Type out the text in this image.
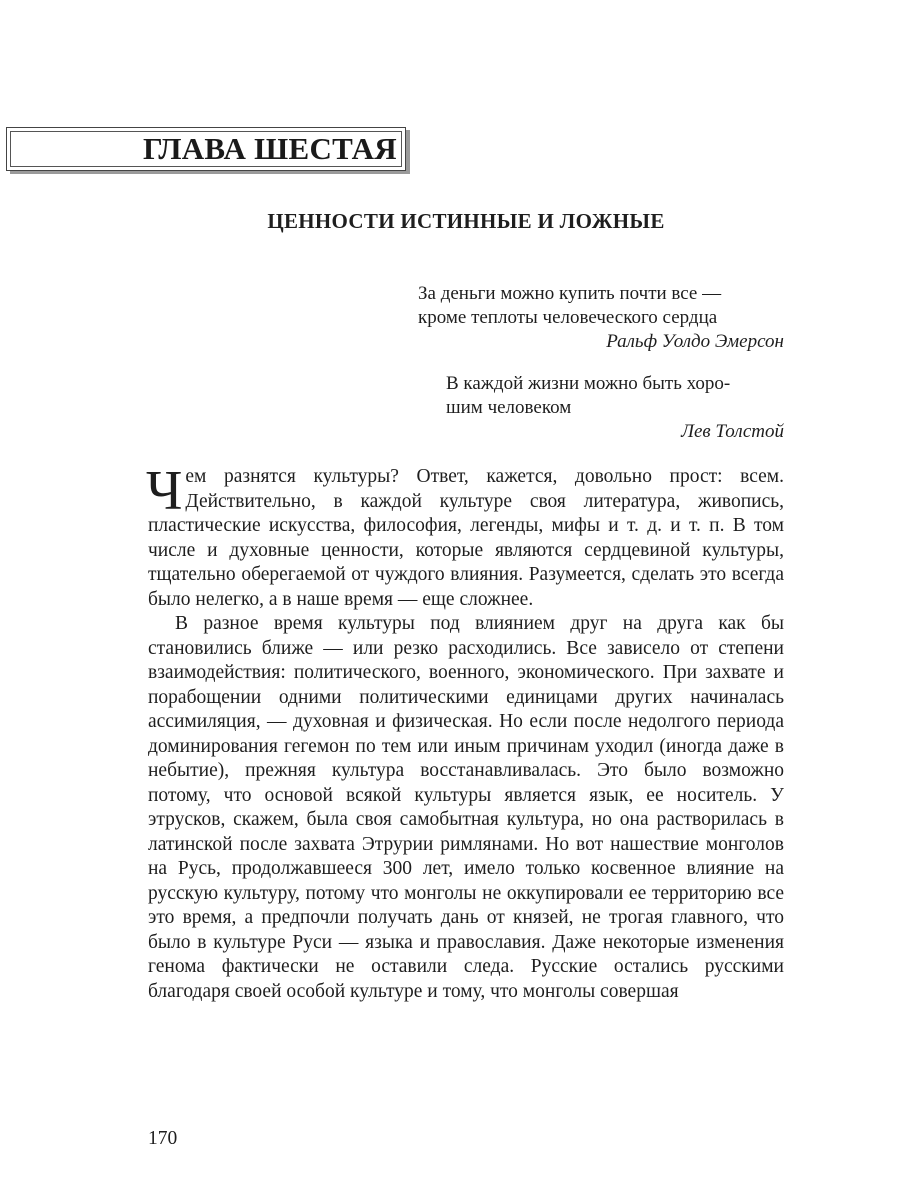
ГЛАВА ШЕСТАЯ
ЦЕННОСТИ ИСТИННЫЕ И ЛОЖНЫЕ
За деньги можно купить почти все —
кроме теплоты человеческого сердца
Ральф Уолдо Эмерсон
В каждой жизни можно быть хоро-
шим человеком
Лев Толстой

Чем разнятся культуры? Ответ, кажется, довольно прост: всем. Действительно, в каждой культуре своя литература, живопись, пластические искусства, философия, легенды, мифы и т. д. и т. п. В том числе и духовные ценности, которые являются сердцевиной культуры, тщательно оберегаемой от чуждого влияния. Разумеется, сделать это всегда было нелегко, а в наше время — еще сложнее.

В разное время культуры под влиянием друг на друга как бы становились ближе — или резко расходились. Все зависело от степени взаимодействия: политического, военного, экономического. При захвате и порабощении одними политическими единицами других начиналась ассимиляция, — духовная и физическая. Но если после недолгого периода доминирования гегемон по тем или иным причинам уходил (иногда даже в небытие), прежняя культура восстанавливалась. Это было возможно потому, что основой всякой культуры является язык, ее носитель. У этрусков, скажем, была своя самобытная культура, но она растворилась в латинской после захвата Этрурии римлянами. Но вот нашествие монголов на Русь, продолжавшееся 300 лет, имело только косвенное влияние на русскую культуру, потому что монголы не оккупировали ее территорию все это время, а предпочли получать дань от князей, не трогая главного, что было в культуре Руси — языка и православия. Даже некоторые изменения генома фактически не оставили следа. Русские остались русскими благодаря своей особой культуре и тому, что монголы совершая

170
